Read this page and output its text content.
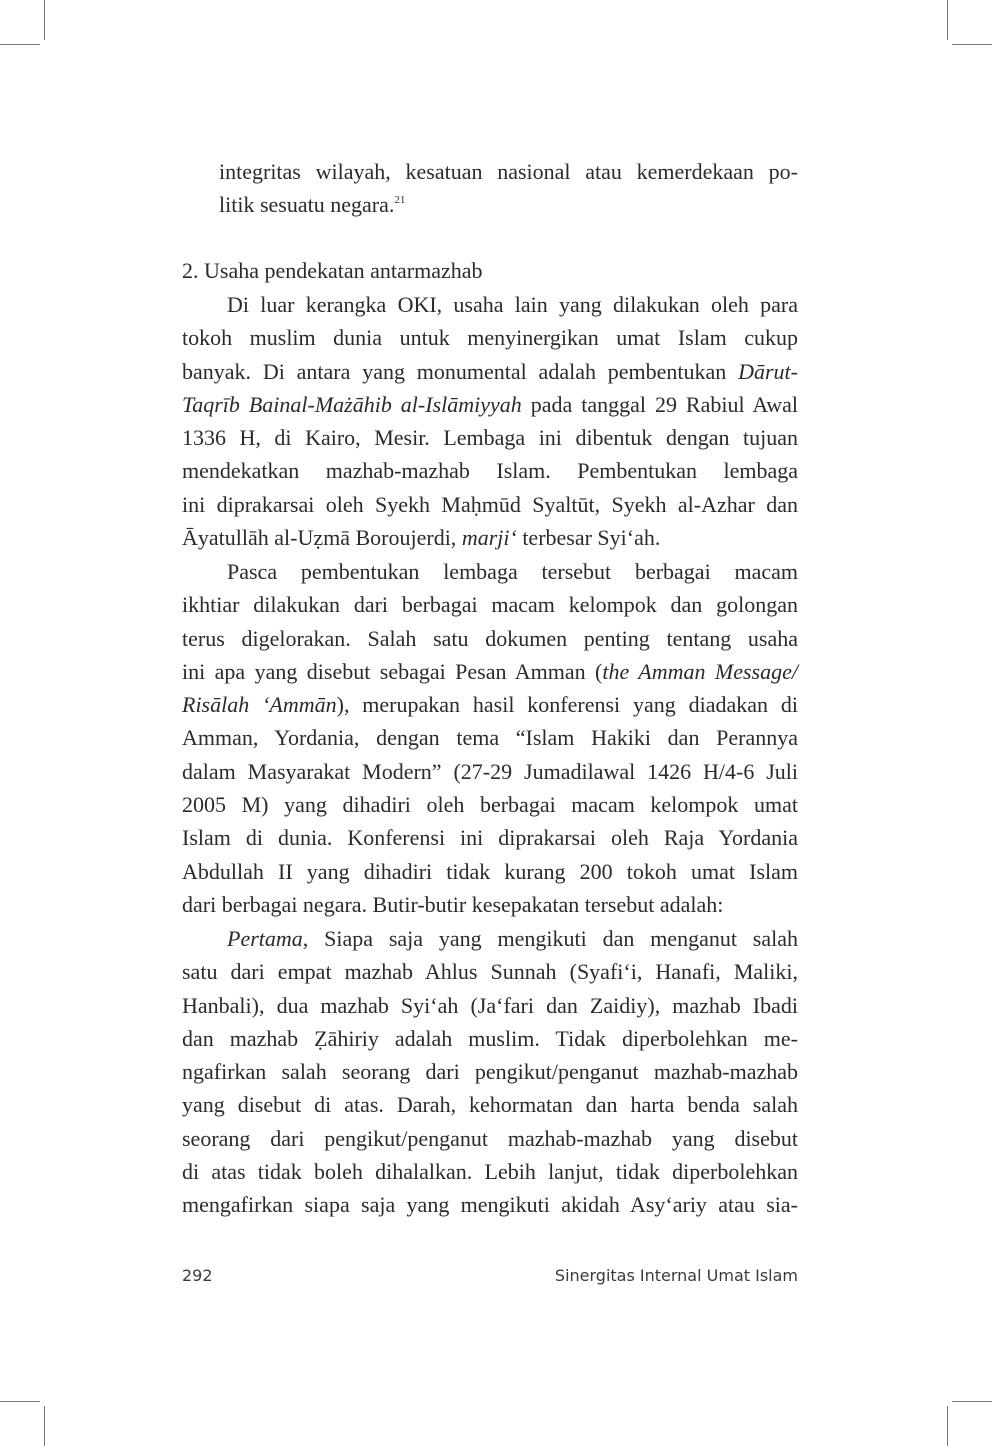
integritas wilayah, kesatuan nasional atau kemerdekaan po-
litik sesuatu negara.$^{21}$
2. Usaha pendekatan antarmazhab
Di luar kerangka OKI, usaha lain yang dilakukan oleh para
tokoh muslim dunia untuk menyinergikan umat Islam cukup
banyak. Di antara yang monumental adalah pembentukan Dārut-
Taqrīb Bainal-Mażāhib al-Islāmiyyah pada tanggal 29 Rabiul Awal
1336 H, di Kairo, Mesir. Lembaga ini dibentuk dengan tujuan
mendekatkan mazhab-mazhab Islam. Pembentukan lembaga
ini diprakarsai oleh Syekh Maḥmūd Syaltūt, Syekh al-Azhar dan
Āyatullāh al-Uẓmā Boroujerdi, marjiʻ terbesar Syiʻah.
Pasca pembentukan lembaga tersebut berbagai macam
ikhtiar dilakukan dari berbagai macam kelompok dan golongan
terus digelorakan. Salah satu dokumen penting tentang usaha
ini apa yang disebut sebagai Pesan Amman (the Amman Message/
Risālah ʻAmmān), merupakan hasil konferensi yang diadakan di
Amman, Yordania, dengan tema “Islam Hakiki dan Perannya
dalam Masyarakat Modern” (27-29 Jumadilawal 1426 H/4-6 Juli
2005 M) yang dihadiri oleh berbagai macam kelompok umat
Islam di dunia. Konferensi ini diprakarsai oleh Raja Yordania
Abdullah II yang dihadiri tidak kurang 200 tokoh umat Islam
dari berbagai negara. Butir-butir kesepakatan tersebut adalah:
Pertama, Siapa saja yang mengikuti dan menganut salah
satu dari empat mazhab Ahlus Sunnah (Syafiʻi, Hanafi, Maliki,
Hanbali), dua mazhab Syiʻah (Jaʻfari dan Zaidiy), mazhab Ibadi
dan mazhab Ẓāhiriy adalah muslim. Tidak diperbolehkan me-
ngafirkan salah seorang dari pengikut/penganut mazhab-mazhab
yang disebut di atas. Darah, kehormatan dan harta benda salah
seorang dari pengikut/penganut mazhab-mazhab yang disebut
di atas tidak boleh dihalalkan. Lebih lanjut, tidak diperbolehkan
mengafirkan siapa saja yang mengikuti akidah Asyʻariy atau sia-
292	Sinergitas Internal Umat Islam
